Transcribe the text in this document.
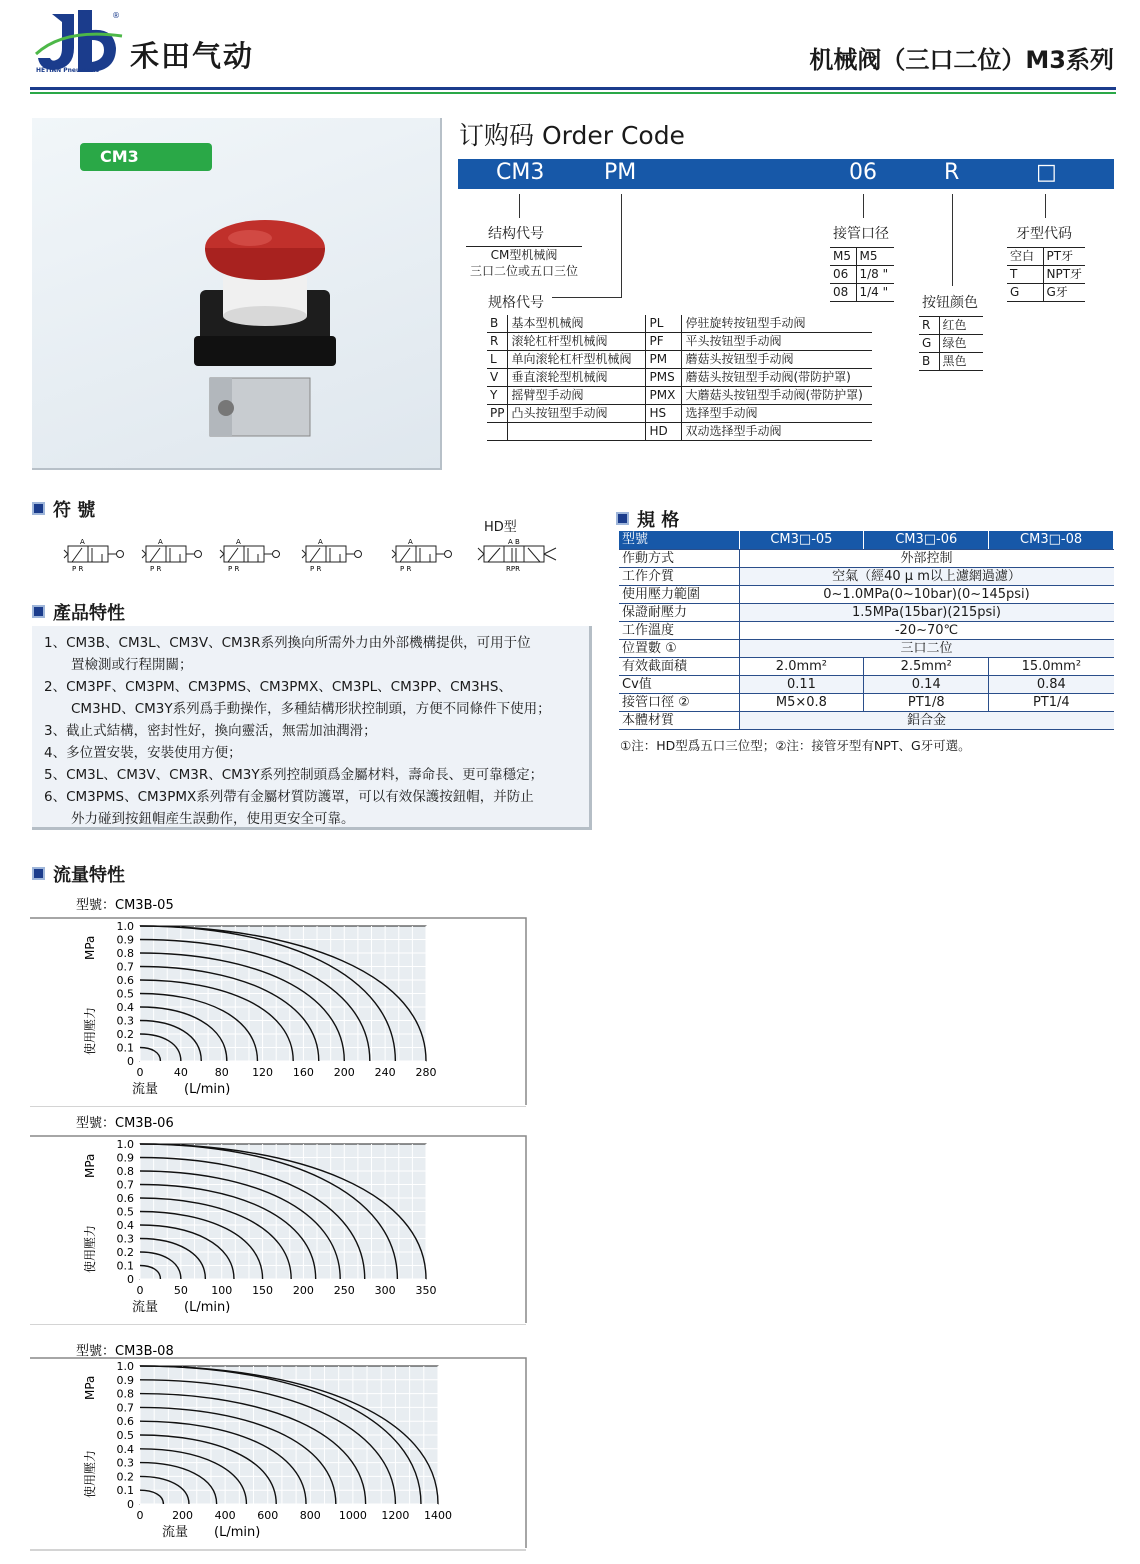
®
HETIAN Pneumatic 禾田气动	机械阀（三口二位）M3系列
CM3
订购码 Order Code
CM3	PM	06	R	□
结构代号
CM型机械阀
三口二位或五口三位
规格代号
B	基本型机械阀	PL	停驻旋转按钮型手动阀
R	滚轮杠杆型机械阀	PF	平头按钮型手动阀
L	单向滚轮杠杆型机械阀	PM	蘑菇头按钮型手动阀
V	垂直滚轮型机械阀	PMS	蘑菇头按钮型手动阀(带防护罩)
Y	摇臂型手动阀	PMX	大蘑菇头按钮型手动阀(带防护罩)
PP	凸头按钮型手动阀	HS	选择型手动阀
		HD	双动选择型手动阀
接管口径
M5	M5
06	1/8 "
08	1/4 "
按钮颜色
R	红色
G	绿色
B	黑色
牙型代码
空白	PT牙
T	NPT牙
G	G牙
符 號
HD型
A
P R
A
P R
A
P R
A
P R
A
P R
A B
RPR
產品特性
1、CM3B、CM3L、CM3V、CM3R系列換向所需外力由外部機構提供，可用于位
　　置檢測或行程開關；
2、CM3PF、CM3PM、CM3PMS、CM3PMX、CM3PL、CM3PP、CM3HS、
　　CM3HD、CM3Y系列爲手動操作，多種結構形狀控制頭，方便不同條件下使用；
3、截止式結構，密封性好，換向靈活，無需加油潤滑；
4、多位置安裝，安裝使用方便；
5、CM3L、CM3V、CM3R、CM3Y系列控制頭爲金屬材料，壽命長、更可靠穩定；
6、CM3PMS、CM3PMX系列帶有金屬材質防護罩，可以有效保護按鈕帽，并防止
　　外力碰到按鈕帽産生誤動作，使用更安全可靠。
規 格
型號	CM3□-05	CM3□-06	CM3□-08
作動方式	外部控制		
工作介質	空氣（經40 μ m以上濾網過濾）		
使用壓力範圍	0~1.0MPa(0~10bar)(0~145psi)		
保證耐壓力	1.5MPa(15bar)(215psi)		
工作溫度	-20~70℃		
位置數 ①	三口二位		
有效截面積	2.0mm²	2.5mm²	15.0mm²
Cv值	0.11	0.14	0.84
接管口徑 ②	M5×0.8	PT1/8	PT1/4
本體材質	鋁合金		
①注：HD型爲五口三位型；②注：接管牙型有NPT、G牙可選。
流量特性
型號：CM3B-05
0
0.1
0.2
0.3
0.4
0.5
0.6
0.7
0.8
0.9
1.0
0	40 80 120 160 200 240 280
MPa
使用壓力
流量 (L/min)
型號：CM3B-06
0
0.1
0.2
0.3
0.4
0.5
0.6
0.7
0.8
0.9
1.0
0	50 100 150 200 250 300 350
MPa
使用壓力
流量 (L/min)
型號：CM3B-08
0
0.1
0.2
0.3
0.4
0.5
0.6
0.7
0.8
0.9
1.0
0	200 400 600 800 1000 1200 1400
MPa
使用壓力
流量 (L/min)
